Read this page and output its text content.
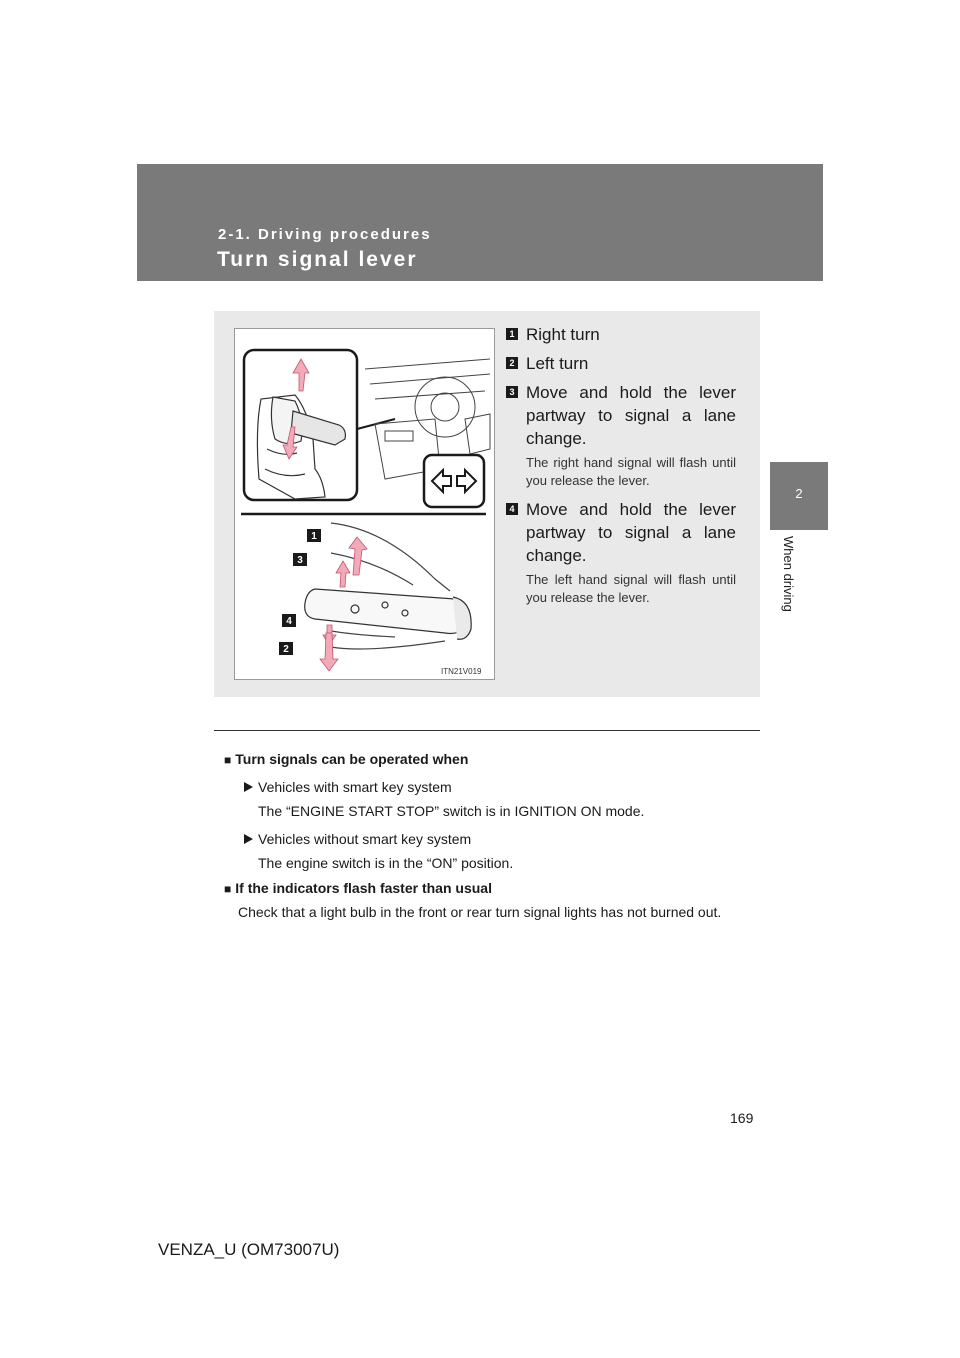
2-1. Driving procedures
Turn signal lever
2
When driving
1
3
4
2
ITN21V019
1 Right turn
2 Left turn
3 Move and hold the lever partway to signal a lane change.
The right hand signal will flash until you release the lever.
4 Move and hold the lever partway to signal a lane change.
The left hand signal will flash until you release the lever.
■ Turn signals can be operated when
Vehicles with smart key system
The “ENGINE START STOP” switch is in IGNITION ON mode.
Vehicles without smart key system
The engine switch is in the “ON” position.
■ If the indicators flash faster than usual
Check that a light bulb in the front or rear turn signal lights has not burned out.
169
VENZA_U (OM73007U)
